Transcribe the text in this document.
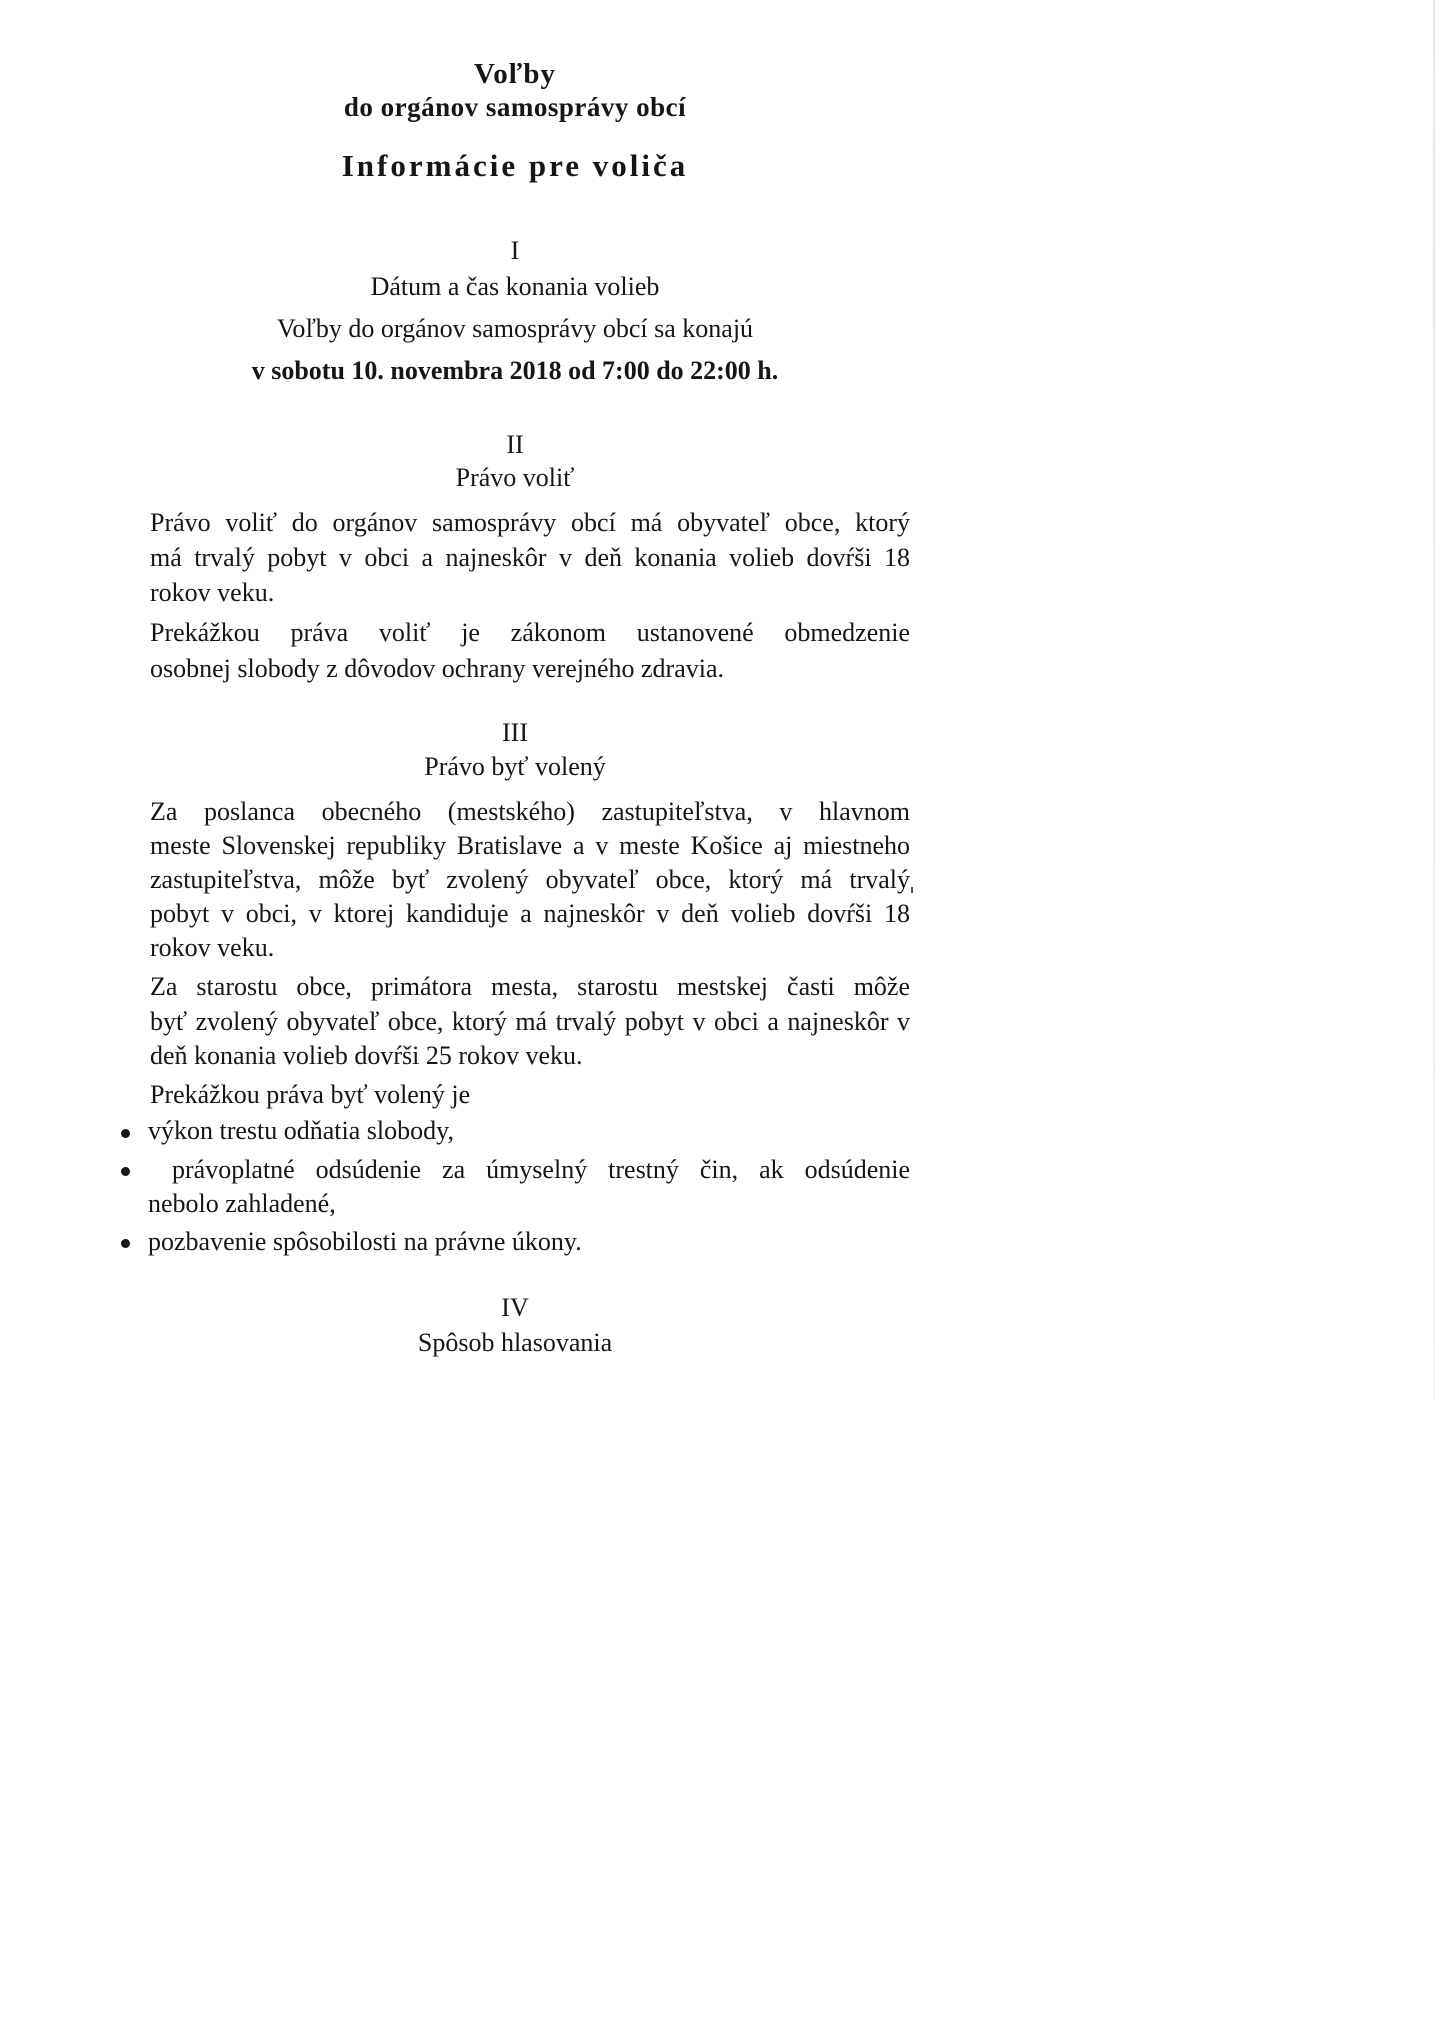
Voľby
do orgánov samosprávy obcí
Informácie pre voliča
I
Dátum a čas konania volieb
Voľby do orgánov samosprávy obcí sa konajú
v sobotu 10. novembra 2018 od 7:00 do 22:00 h.
II
Právo voliť
Právo voliť do orgánov samosprávy obcí má obyvateľ obce, ktorý
má trvalý pobyt v obci a najneskôr v deň konania volieb dovŕši 18
rokov veku.
Prekážkou práva voliť je zákonom ustanovené obmedzenie
osobnej slobody z dôvodov ochrany verejného zdravia.
III
Právo byť volený
Za poslanca obecného (mestského) zastupiteľstva, v hlavnom
meste Slovenskej republiky Bratislave a v meste Košice aj miestneho
zastupiteľstva, môže byť zvolený obyvateľ obce, ktorý má trvalý
pobyt v obci, v ktorej kandiduje a najneskôr v deň volieb dovŕši 18
rokov veku.
Za starostu obce, primátora mesta, starostu mestskej časti môže
byť zvolený obyvateľ obce, ktorý má trvalý pobyt v obci a najneskôr v
deň konania volieb dovŕši 25 rokov veku.
Prekážkou práva byť volený je
výkon trestu odňatia slobody,
právoplatné odsúdenie za úmyselný trestný čin, ak odsúdenie
nebolo zahladené,
pozbavenie spôsobilosti na právne úkony.
IV
Spôsob hlasovania
